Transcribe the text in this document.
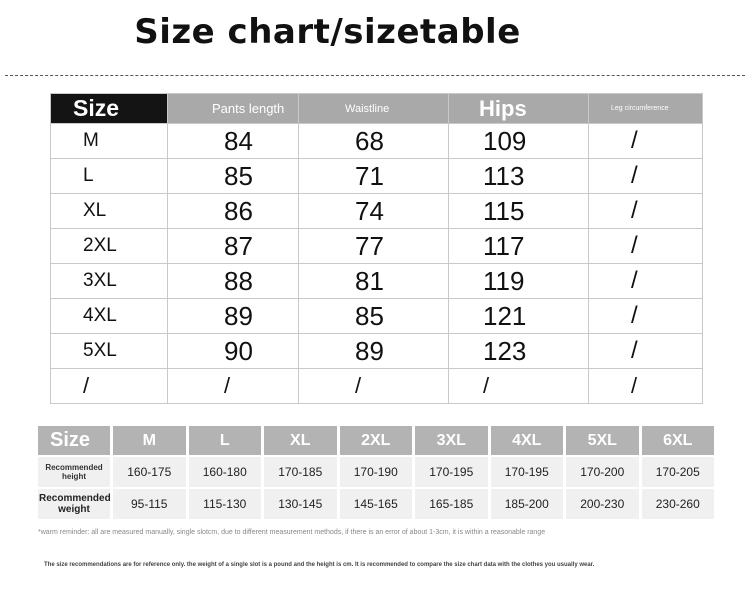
Size chart/sizetable
Size	Pants length	Waistline	Hips	Leg circumference
M	84	68	109	/
L	85	71	113	/
XL	86	74	115	/
2XL	87	77	117	/
3XL	88	81	119	/
4XL	89	85	121	/
5XL	90	89	123	/
/	/	/	/	/
Size	M	L	XL	2XL	3XL	4XL	5XL	6XL
Recommended height	160-175	160-180	170-185	170-190	170-195	170-195	170-200	170-205
Recommended weight	95-115	115-130	130-145	145-165	165-185	185-200	200-230	230-260
*warm reminder: all are measured manually, single slotcm, due to different measurement methods, if there is an error of about 1-3cm, it is within a reasonable range
The size recommendations are for reference only. the weight of a single slot is a pound and the height is cm. It is recommended to compare the size chart data with the clothes you usually wear.
